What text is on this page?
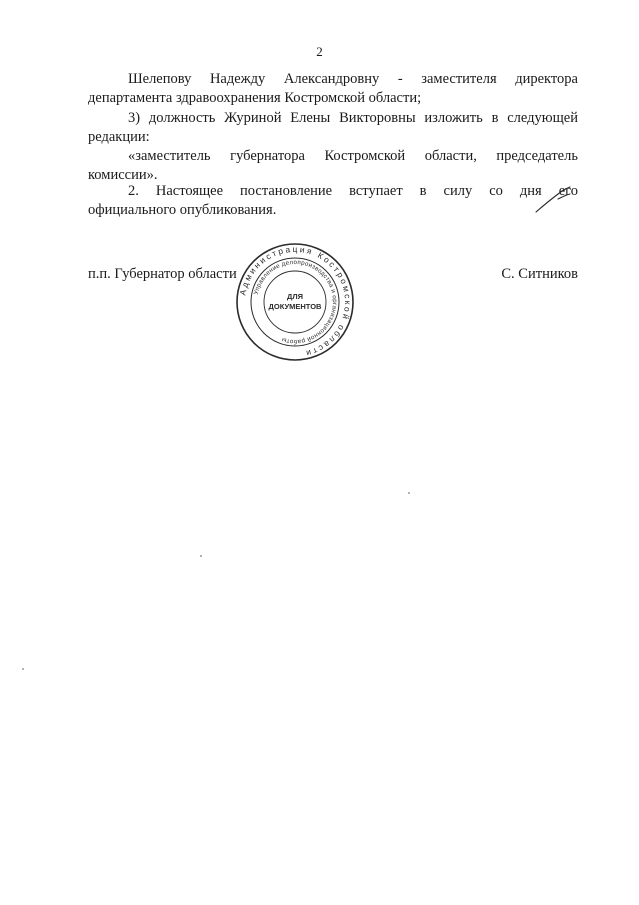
2
Шелепову Надежду Александровну - заместителя директора
департамента здравоохранения Костромской области;
3) должность Журиной Елены Викторовны изложить в следующей
редакции:
«заместитель губернатора Костромской области, председатель
комиссии».
2. Настоящее постановление вступает в силу со дня его
официального опубликования.
п.п. Губернатор области	С. Ситников
Администрация Костромской области
Управление делопроизводства и организационной работы
ДЛЯ
ДОКУМЕНТОВ
